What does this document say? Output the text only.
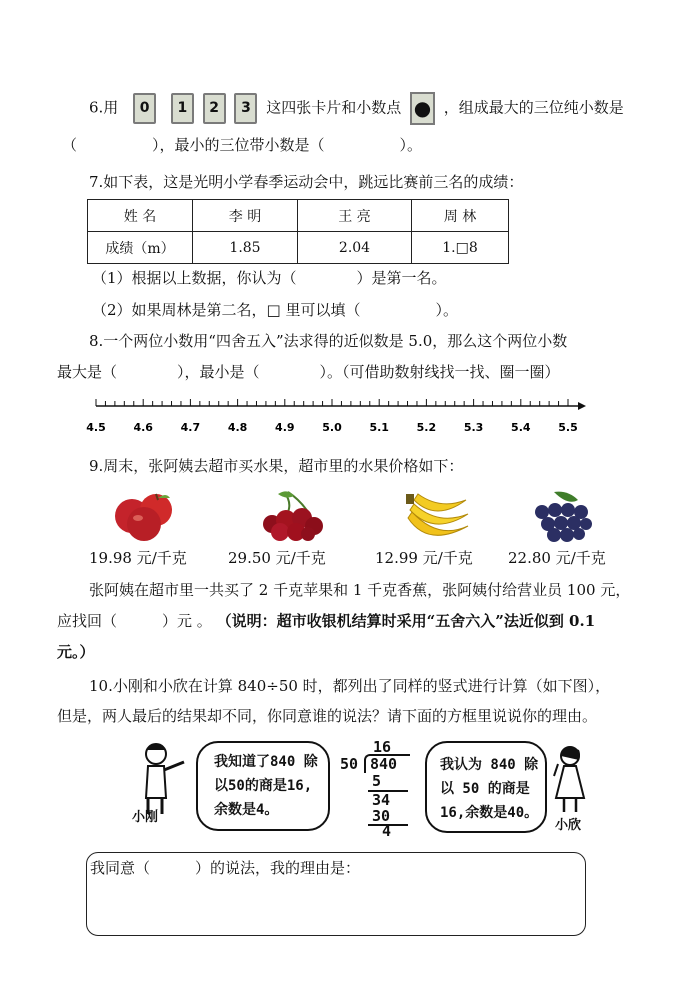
6.用 0 1 2 3 这四张卡片和小数点 ● ，组成最大的三位纯小数是
（　　　　　），最小的三位带小数是（　　　　　）。
7.如下表，这是光明小学春季运动会中，跳远比赛前三名的成绩：
姓 名	李 明	王 亮	周 林
成绩（m）	1.85	2.04	1.□8
（1）根据以上数据，你认为（　　　　）是第一名。
（2）如果周林是第二名，□ 里可以填（　　　　　）。
8.一个两位小数用“四舍五入”法求得的近似数是 5.0，那么这个两位小数
最大是（　　　　），最小是（　　　　）。（可借助数射线找一找、圈一圈）
4.5	4.6	4.7	4.8	4.9	5.0	5.1	5.2	5.3	5.4	5.5
9.周末，张阿姨去超市买水果，超市里的水果价格如下：
19.98 元/千克	29.50 元/千克	12.99 元/千克 22.80 元/千克
张阿姨在超市里一共买了 2 千克苹果和 1 千克香蕉，张阿姨付给营业员 100 元，
应找回（　　　）元 。 （说明：超市收银机结算时采用“五舍六入”法近似到 0.1
元。）
10.小刚和小欣在计算 840÷50 时，都列出了同样的竖式进行计算（如下图），
但是，两人最后的结果却不同，你同意谁的说法？请下面的方框里说说你的理由。
小刚
我知道了840 除
以50的商是16,
余数是4。
16
50 840
5
34
30
4
我认为 840 除
以 50 的商是
16,余数是40。
小欣
我同意（　　　）的说法，我的理由是：
